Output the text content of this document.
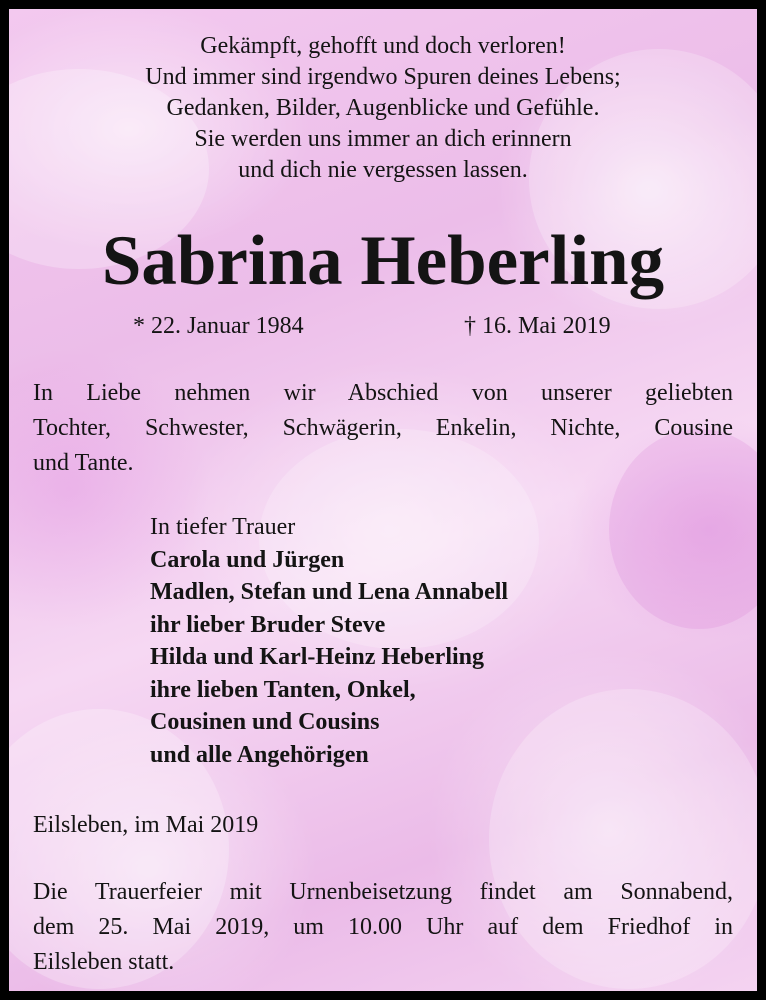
Gekämpft, gehofft und doch verloren!
Und immer sind irgendwo Spuren deines Lebens;
Gedanken, Bilder, Augenblicke und Gefühle.
Sie werden uns immer an dich erinnern
und dich nie vergessen lassen.
Sabrina Heberling
* 22. Januar 1984	† 16. Mai 2019
In Liebe nehmen wir Abschied von unserer geliebten
Tochter, Schwester, Schwägerin, Enkelin, Nichte, Cousine
und Tante.
In tiefer Trauer
Carola und Jürgen
Madlen, Stefan und Lena Annabell
ihr lieber Bruder Steve
Hilda und Karl-Heinz Heberling
ihre lieben Tanten, Onkel,
Cousinen und Cousins
und alle Angehörigen
Eilsleben, im Mai 2019
Die Trauerfeier mit Urnenbeisetzung findet am Sonnabend,
dem 25. Mai 2019, um 10.00 Uhr auf dem Friedhof in
Eilsleben statt.
